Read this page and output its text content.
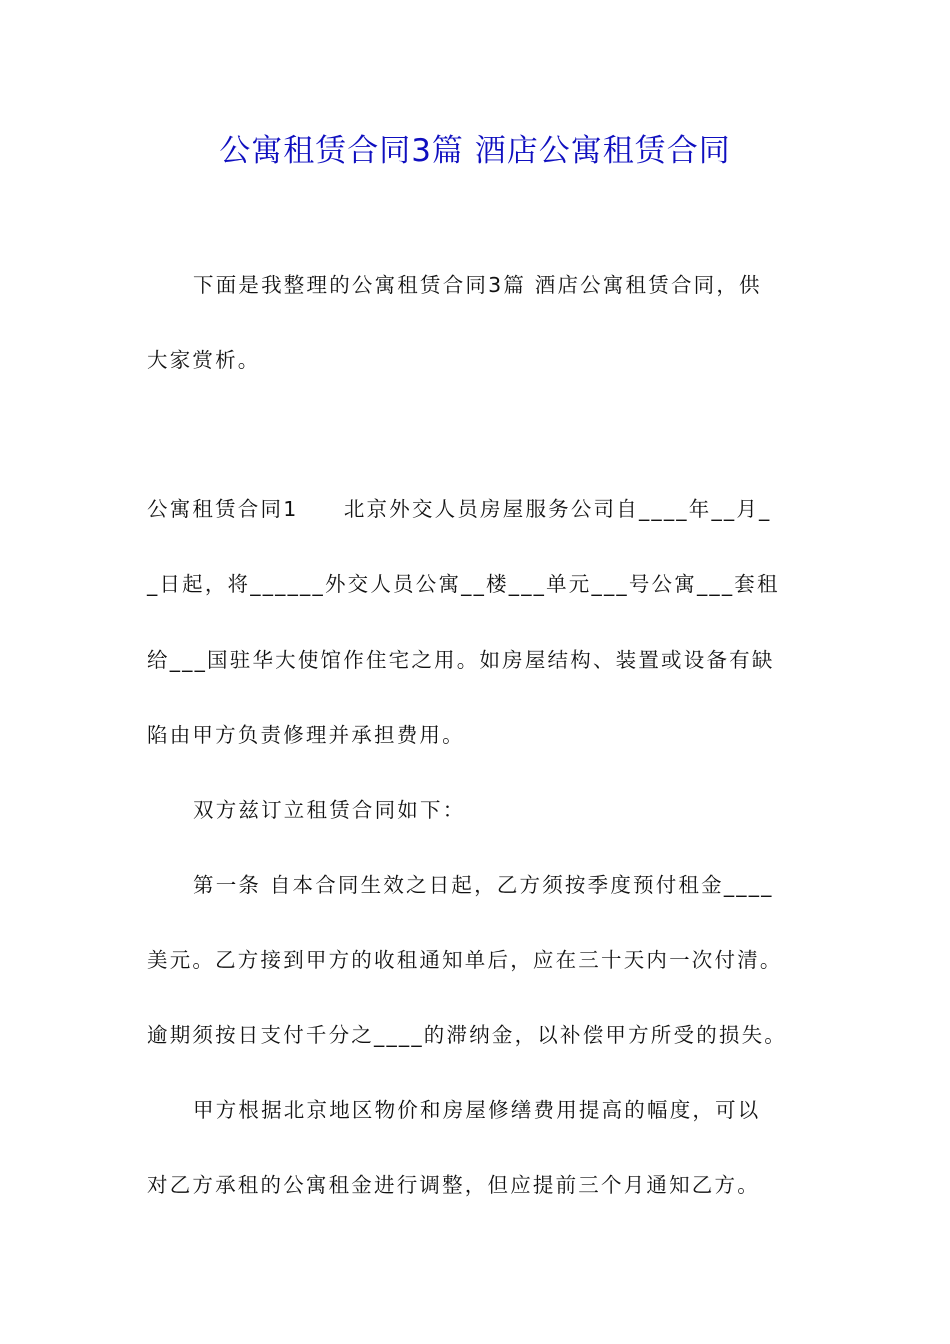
公寓租赁合同3篇 酒店公寓租赁合同
下面是我整理的公寓租赁合同3篇 酒店公寓租赁合同，供
大家赏析。
公寓租赁合同1　　北京外交人员房屋服务公司自____年__月_
_日起，将______外交人员公寓__楼___单元___号公寓___套租
给___国驻华大使馆作住宅之用。如房屋结构、装置或设备有缺
陷由甲方负责修理并承担费用。
双方兹订立租赁合同如下：
第一条 自本合同生效之日起，乙方须按季度预付租金____
美元。乙方接到甲方的收租通知单后，应在三十天内一次付清。
逾期须按日支付千分之____的滞纳金，以补偿甲方所受的损失。
甲方根据北京地区物价和房屋修缮费用提高的幅度，可以
对乙方承租的公寓租金进行调整，但应提前三个月通知乙方。
